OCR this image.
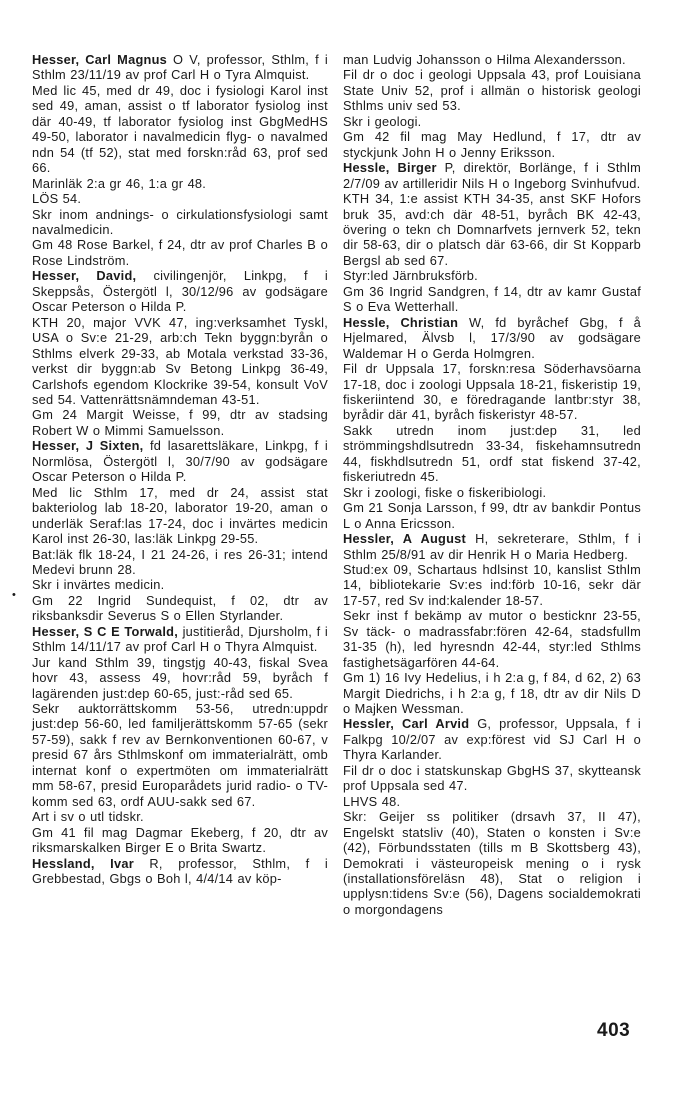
Hesser, Carl Magnus O V, professor, Sthlm, f i Sthlm 23/11/19 av prof Carl H o Tyra Almquist.

Med lic 45, med dr 49, doc i fysiologi Karol inst sed 49, aman, assist o tf laborator fysiolog inst där 40-49, tf laborator fysiolog inst GbgMedHS 49-50, laborator i navalmedicin flyg- o navalmed ndn 54 (tf 52), stat med forskn:råd 63, prof sed 66.

Marinläk 2:a gr 46, 1:a gr 48.

LÖS 54.

Skr inom andnings- o cirkulationsfysiologi samt navalmedicin.

Gm 48 Rose Barkel, f 24, dtr av prof Charles B o Rose Lindström.

Hesser, David, civilingenjör, Linkpg, f i Skeppsås, Östergötl l, 30/12/96 av godsägare Oscar Peterson o Hilda P.

KTH 20, major VVK 47, ing:verksamhet Tyskl, USA o Sv:e 21-29, arb:ch Tekn byggn:byrån o Sthlms elverk 29-33, ab Motala verkstad 33-36, verkst dir byggn:ab Sv Betong Linkpg 36-49, Carlshofs egendom Klockrike 39-54, konsult VoV sed 54. Vattenrättsnämndeman 43-51.

Gm 24 Margit Weisse, f 99, dtr av stadsing Robert W o Mimmi Samuelsson.

Hesser, J Sixten, fd lasarettsläkare, Linkpg, f i Normlösa, Östergötl l, 30/7/90 av godsägare Oscar Peterson o Hilda P.

Med lic Sthlm 17, med dr 24, assist stat bakteriolog lab 18-20, laborator 19-20, aman o underläk Seraf:las 17-24, doc i invärtes medicin Karol inst 26-30, las:läk Linkpg 29-55.

Bat:läk flk 18-24, I 21 24-26, i res 26-31; intend Medevi brunn 28.

Skr i invärtes medicin.

Gm 22 Ingrid Sundequist, f 02, dtr av riksbanksdir Severus S o Ellen Styrlander.

Hesser, S C E Torwald, justitieråd, Djursholm, f i Sthlm 14/11/17 av prof Carl H o Thyra Almquist.

Jur kand Sthlm 39, tingstjg 40-43, fiskal Svea hovr 43, assess 49, hovr:råd 59, byråch f lagärenden just:dep 60-65, just:-råd sed 65.

Sekr auktorrättskomm 53-56, utredn:uppdr just:dep 56-60, led familjerättskomm 57-65 (sekr 57-59), sakk f rev av Bernkonventionen 60-67, v presid 67 års Sthlmskonf om immaterialrätt, omb internat konf o expertmöten om immaterialrätt mm 58-67, presid Europarådets jurid radio- o TV-komm sed 63, ordf AUU-sakk sed 67.

Art i sv o utl tidskr.

Gm 41 fil mag Dagmar Ekeberg, f 20, dtr av riksmarskalken Birger E o Brita Swartz.

Hessland, Ivar R, professor, Sthlm, f i Grebbestad, Gbgs o Boh l, 4/4/14 av köp-

man Ludvig Johansson o Hilma Alexandersson.

Fil dr o doc i geologi Uppsala 43, prof Louisiana State Univ 52, prof i allmän o historisk geologi Sthlms univ sed 53.

Skr i geologi.

Gm 42 fil mag May Hedlund, f 17, dtr av styckjunk John H o Jenny Eriksson.

Hessle, Birger P, direktör, Borlänge, f i Sthlm 2/7/09 av artilleridir Nils H o Ingeborg Svinhufvud.

KTH 34, 1:e assist KTH 34-35, anst SKF Hofors bruk 35, avd:ch där 48-51, byråch BK 42-43, övering o tekn ch Domnarfvets jernverk 52, tekn dir 58-63, dir o platsch där 63-66, dir St Kopparb Bergsl ab sed 67.

Styr:led Järnbruksförb.

Gm 36 Ingrid Sandgren, f 14, dtr av kamr Gustaf S o Eva Wetterhall.

Hessle, Christian W, fd byråchef Gbg, f å Hjelmared, Älvsb l, 17/3/90 av godsägare Waldemar H o Gerda Holmgren.

Fil dr Uppsala 17, forskn:resa Söderhavsöarna 17-18, doc i zoologi Uppsala 18-21, fiskeristip 19, fiskeriintend 30, e föredragande lantbr:styr 38, byrådir där 41, byråch fiskeristyr 48-57.

Sakk utredn inom just:dep 31, led strömmingshdlsutredn 33-34, fiskehamnsutredn 44, fiskhdlsutredn 51, ordf stat fiskend 37-42, fiskeriutredn 45.

Skr i zoologi, fiske o fiskeribiologi.

Gm 21 Sonja Larsson, f 99, dtr av bankdir Pontus L o Anna Ericsson.

Hessler, A August H, sekreterare, Sthlm, f i Sthlm 25/8/91 av dir Henrik H o Maria Hedberg.

Stud:ex 09, Schartaus hdlsinst 10, kanslist Sthlm 14, bibliotekarie Sv:es ind:förb 10-16, sekr där 17-57, red Sv ind:kalender 18-57.

Sekr inst f bekämp av mutor o besticknr 23-55, Sv täck- o madrassfabr:fören 42-64, stadsfullm 31-35 (h), led hyresndn 42-44, styr:led Sthlms fastighetsägarfören 44-64.

Gm 1) 16 Ivy Hedelius, i h 2:a g, f 84, d 62, 2) 63 Margit Diedrichs, i h 2:a g, f 18, dtr av dir Nils D o Majken Wessman.

Hessler, Carl Arvid G, professor, Uppsala, f i Falkpg 10/2/07 av exp:förest vid SJ Carl H o Thyra Karlander.

Fil dr o doc i statskunskap GbgHS 37, skytteansk prof Uppsala sed 47.

LHVS 48.

Skr: Geijer ss politiker (drsavh 37, II 47), Engelskt statsliv (40), Staten o konsten i Sv:e (42), Förbundsstaten (tills m B Skottsberg 43), Demokrati i västeuropeisk mening o i rysk (installationsföreläsn 48), Stat o religion i upplysn:tidens Sv:e (56), Dagens socialdemokrati o morgondagens

403
•
